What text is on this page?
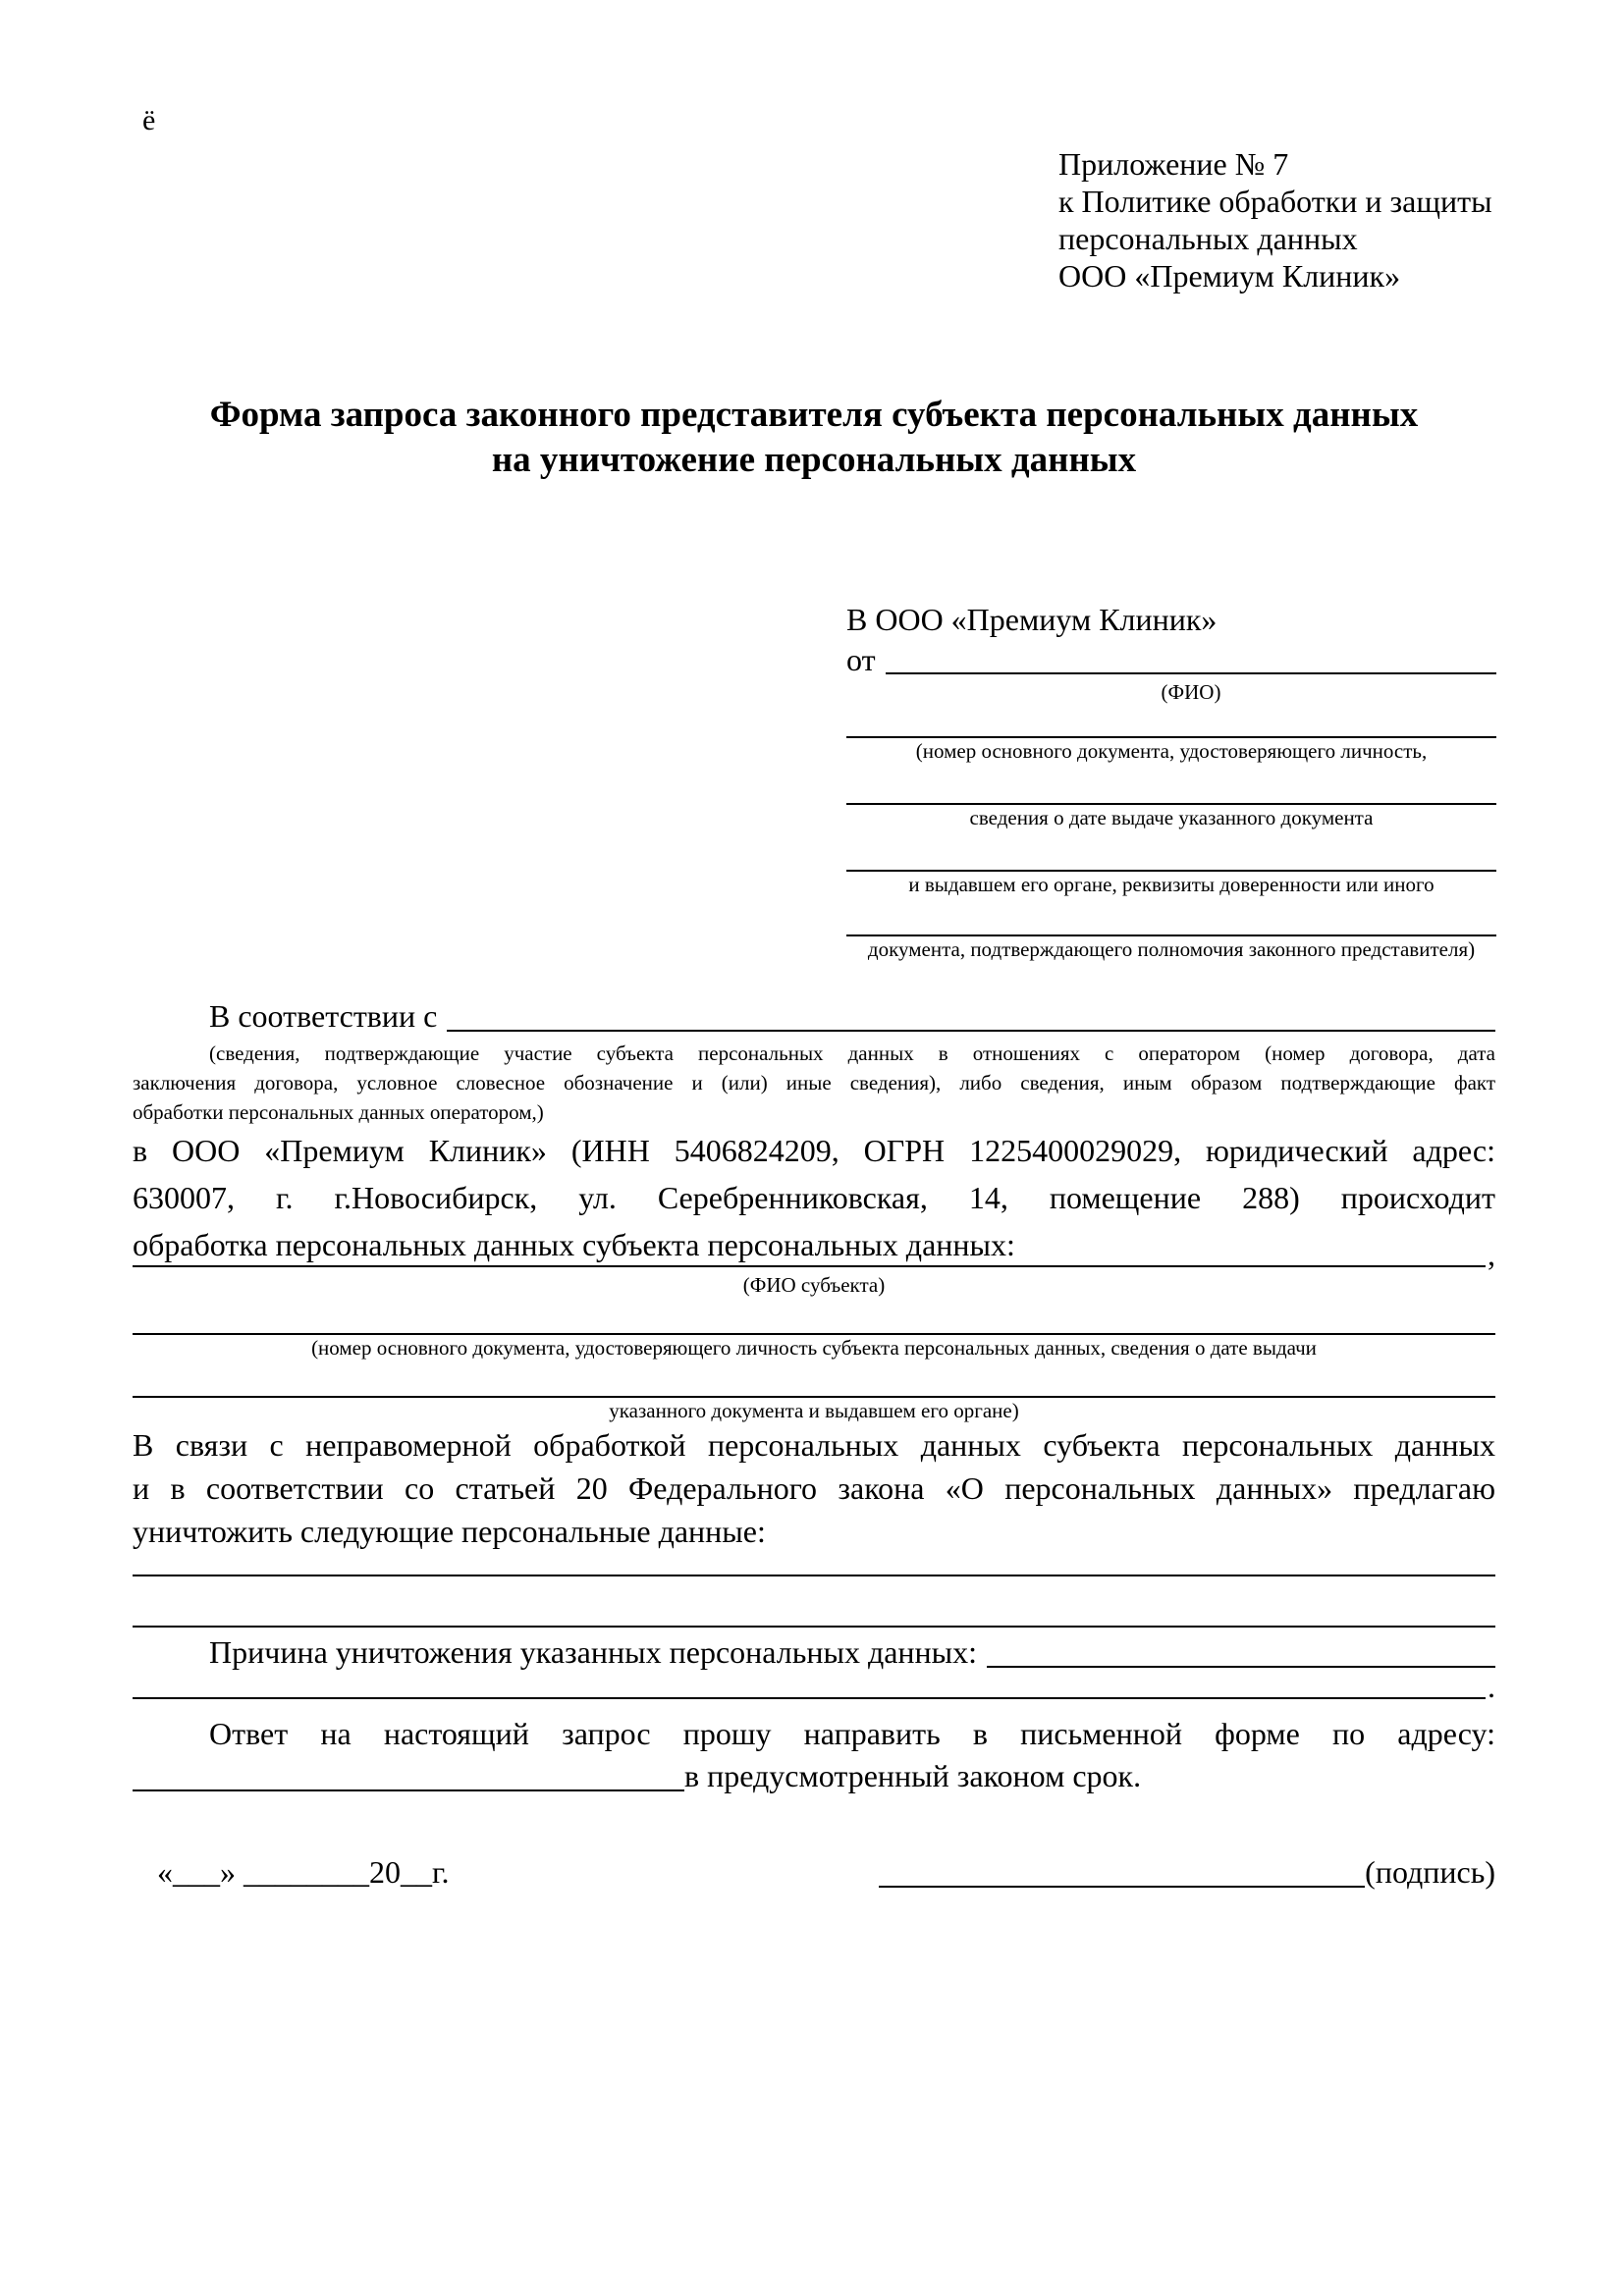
ё
Приложение № 7
к Политике обработки и защиты
персональных данных
ООО «Премиум Клиник»
Форма запроса законного представителя субъекта персональных данных
на уничтожение персональных данных
В ООО «Премиум Клиник»
от
(ФИО)
(номер основного документа, удостоверяющего личность,
сведения о дате выдаче указанного документа
и выдавшем его органе, реквизиты доверенности или иного
документа, подтверждающего полномочия законного представителя)
В соответствии с
(сведения, подтверждающие участие субъекта персональных данных в отношениях с оператором (номер договора, дата
заключения договора, условное словесное обозначение и (или) иные сведения), либо сведения, иным образом подтверждающие факт
обработки персональных данных оператором,)
в ООО «Премиум Клиник» (ИНН 5406824209, ОГРН 1225400029029, юридический адрес:
630007, г. г.Новосибирск, ул. Серебренниковская, 14, помещение 288) происходит
обработка персональных данных субъекта персональных данных:	,
(ФИО субъекта)
(номер основного документа, удостоверяющего личность субъекта персональных данных, сведения о дате выдачи
указанного документа и выдавшем его органе)
В связи с неправомерной обработкой персональных данных субъекта персональных данных
и в соответствии со статьей 20 Федерального закона «О персональных данных» предлагаю
уничтожить следующие персональные данные:
Причина уничтожения указанных персональных данных:
.
Ответ на настоящий запрос прошу направить в письменной форме по адресу:
в предусмотренный законом срок.
«___» ________20__г.	(подпись)
